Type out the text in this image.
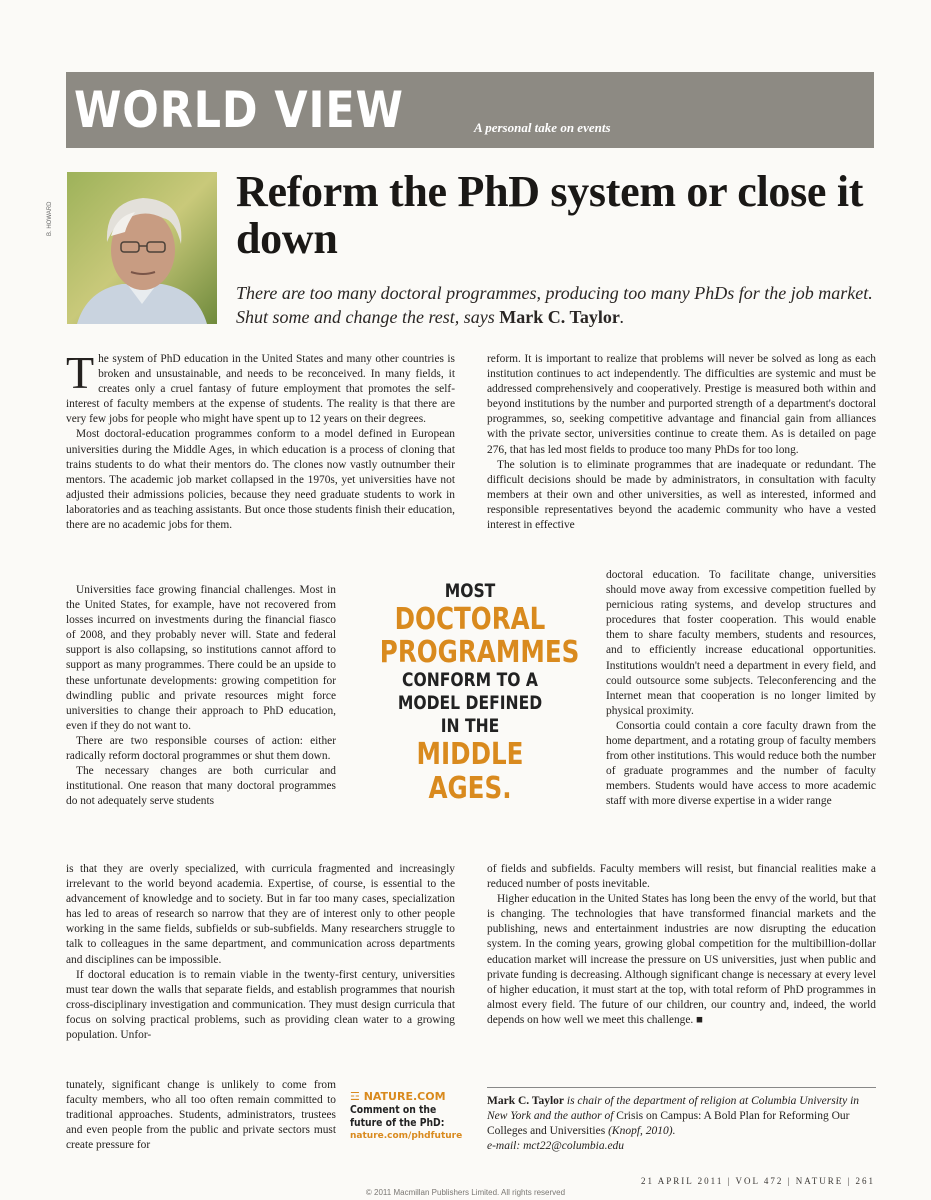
WORLD VIEW	A personal take on events
B. HOWARD
Reform the PhD system or close it down
There are too many doctoral programmes, producing too many PhDs for the job market. Shut some and change the rest, says Mark C. Taylor.

The system of PhD education in the United States and many other countries is broken and unsustainable, and needs to be reconceived. In many fields, it creates only a cruel fantasy of future employment that promotes the self-interest of faculty members at the expense of students. The reality is that there are very few jobs for people who might have spent up to 12 years on their degrees.

Most doctoral-education programmes conform to a model defined in European universities during the Middle Ages, in which education is a process of cloning that trains students to do what their mentors do. The clones now vastly outnumber their mentors. The academic job market collapsed in the 1970s, yet universities have not adjusted their admissions policies, because they need graduate students to work in laboratories and as teaching assistants. But once those students finish their education, there are no academic jobs for them.

Universities face growing financial challenges. Most in the United States, for example, have not recovered from losses incurred on investments during the financial fiasco of 2008, and they probably never will. State and federal support is also collapsing, so institutions cannot afford to support as many programmes. There could be an upside to these unfortunate developments: growing competition for dwindling public and private resources might force universities to change their approach to PhD education, even if they do not want to.

There are two responsible courses of action: either radically reform doctoral programmes or shut them down.

The necessary changes are both curricular and institutional. One reason that many doctoral programmes do not adequately serve students

is that they are overly specialized, with curricula fragmented and increasingly irrelevant to the world beyond academia. Expertise, of course, is essential to the advancement of knowledge and to society. But in far too many cases, specialization has led to areas of research so narrow that they are of interest only to other people working in the same fields, subfields or sub-subfields. Many researchers struggle to talk to colleagues in the same department, and communication across departments and disciplines can be impossible.

If doctoral education is to remain viable in the twenty-first century, universities must tear down the walls that separate fields, and establish programmes that nourish cross-disciplinary investigation and communication. They must design curricula that focus on solving practical problems, such as providing clean water to a growing population. Unfor-

tunately, significant change is unlikely to come from faculty members, who all too often remain committed to traditional approaches. Students, administrators, trustees and even people from the public and private sectors must create pressure for

reform. It is important to realize that problems will never be solved as long as each institution continues to act independently. The difficulties are systemic and must be addressed comprehensively and cooperatively. Prestige is measured both within and beyond institutions by the number and purported strength of a department's doctoral programmes, so, seeking competitive advantage and financial gain from alliances with the private sector, universities continue to create them. As is detailed on page 276, that has led most fields to produce too many PhDs for too long.

The solution is to eliminate programmes that are inadequate or redundant. The difficult decisions should be made by administrators, in consultation with faculty members at their own and other universities, as well as interested, informed and responsible representatives beyond the academic community who have a vested interest in effective

doctoral education. To facilitate change, universities should move away from excessive competition fuelled by pernicious rating systems, and develop structures and procedures that foster cooperation. This would enable them to share faculty members, students and resources, and to efficiently increase educational opportunities. Institutions wouldn't need a department in every field, and could outsource some subjects. Teleconferencing and the Internet mean that cooperation is no longer limited by physical proximity.

Consortia could contain a core faculty drawn from the home department, and a rotating group of faculty members from other institutions. This would reduce both the number of graduate programmes and the number of faculty members. Students would have access to more academic staff with more diverse expertise in a wider range

of fields and subfields. Faculty members will resist, but financial realities make a reduced number of posts inevitable.

Higher education in the United States has long been the envy of the world, but that is changing. The technologies that have transformed financial markets and the publishing, news and entertainment industries are now disrupting the education system. In the coming years, growing global competition for the multibillion-dollar education market will increase the pressure on US universities, just when public and private funding is decreasing. Although significant change is necessary at every level of higher education, it must start at the top, with total reform of PhD programmes in almost every field. The future of our children, our country and, indeed, the world depends on how well we meet this challenge. ■

MOST
DOCTORAL
PROGRAMMES
CONFORM TO A
MODEL DEFINED
IN THE
MIDDLE AGES.
☲ NATURE.COM
Comment on the
future of the PhD:
nature.com/phdfuture
Mark C. Taylor is chair of the department of religion at Columbia University in New York and the author of Crisis on Campus: A Bold Plan for Reforming Our Colleges and Universities (Knopf, 2010).
e-mail: mct22@columbia.edu
21 APRIL 2011 | VOL 472 | NATURE | 261
© 2011 Macmillan Publishers Limited. All rights reserved
